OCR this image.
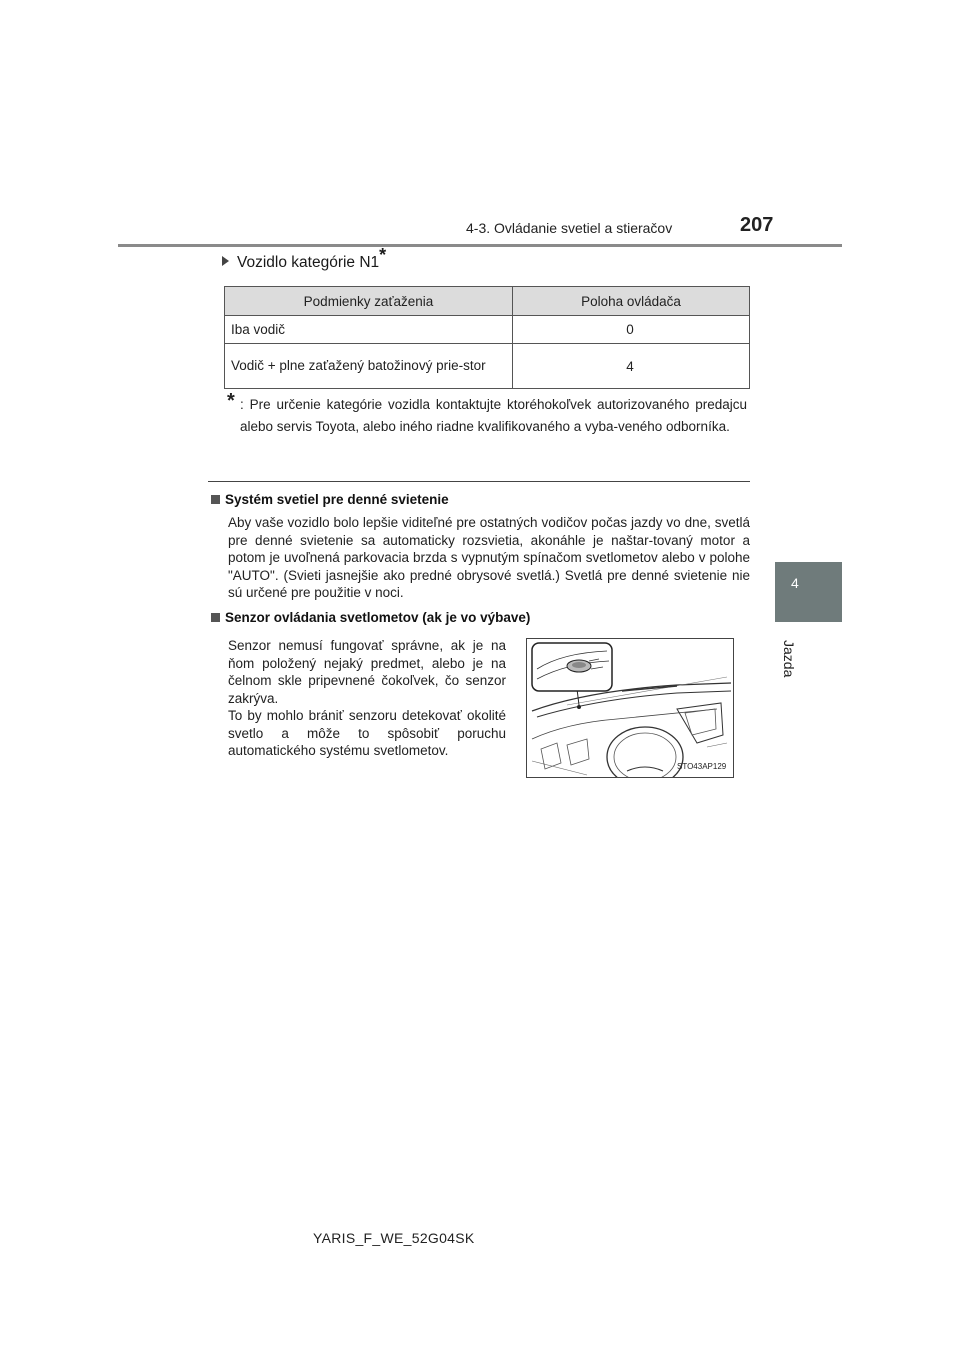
4-3. Ovládanie svetiel a stieračov	207
4
Jazda
Vozidlo kategórie N1*
Podmienky zaťaženia	Poloha ovládača
Iba vodič	0
Vodič + plne zaťažený batožinový prie-stor	4
* : Pre určenie kategórie vozidla kontaktujte ktoréhokoľvek autorizovaného predajcu alebo servis Toyota, alebo iného riadne kvalifikovaného a vyba-veného odborníka.
Systém svetiel pre denné svietenie
Aby vaše vozidlo bolo lepšie viditeľné pre ostatných vodičov počas jazdy vo dne, svetlá pre denné svietenie sa automaticky rozsvietia, akonáhle je naštar-tovaný motor a potom je uvoľnená parkovacia brzda s vypnutým spínačom svetlometov alebo v polohe "AUTO". (Svieti jasnejšie ako predné obrysové svetlá.) Svetlá pre denné svietenie nie sú určené pre použitie v noci.
Senzor ovládania svetlometov (ak je vo výbave)
Senzor nemusí fungovať správne, ak je na ňom položený nejaký predmet, alebo je na čelnom skle pripevnené čokoľvek, čo senzor zakrýva.
To by mohlo brániť senzoru detekovať okolité svetlo a môže to spôsobiť poruchu automatického systému svetlometov.
STO43AP129
YARIS_F_WE_52G04SK
